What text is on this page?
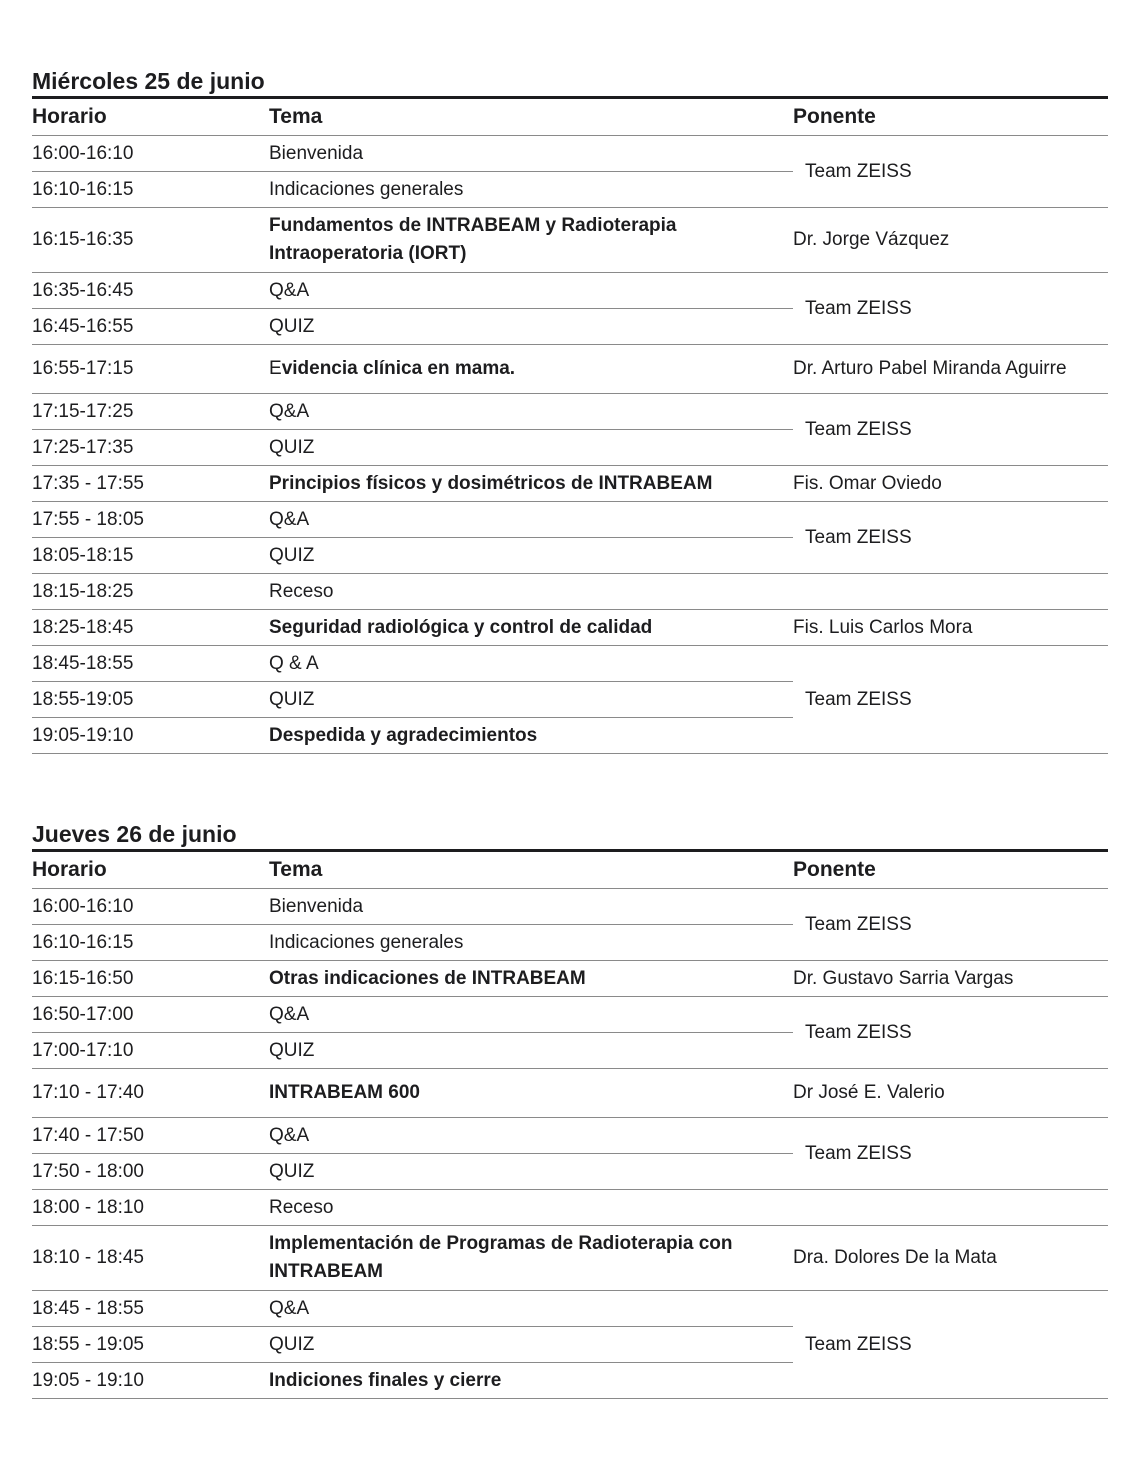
Miércoles 25 de junio
Horario	Tema	Ponente
16:00-16:10	Bienvenida	Team ZEISS
16:10-16:15	Indicaciones generales	
16:15-16:35	Fundamentos de INTRABEAM y Radioterapia Intraoperatoria (IORT)	Dr. Jorge Vázquez
16:35-16:45	Q&A	Team ZEISS
16:45-16:55	QUIZ	
16:55-17:15	Evidencia clínica en mama.	Dr. Arturo Pabel Miranda Aguirre
17:15-17:25	Q&A	Team ZEISS
17:25-17:35	QUIZ	
17:35 - 17:55	Principios físicos y dosimétricos de INTRABEAM	Fis. Omar Oviedo
17:55 - 18:05	Q&A	Team ZEISS
18:05-18:15	QUIZ	
18:15-18:25	Receso	
18:25-18:45	Seguridad radiológica y control de calidad	Fis. Luis Carlos Mora
18:45-18:55	Q & A	Team ZEISS
18:55-19:05	QUIZ	
19:05-19:10	Despedida y agradecimientos	
Jueves 26 de junio
Horario	Tema	Ponente
16:00-16:10	Bienvenida	Team ZEISS
16:10-16:15	Indicaciones generales	
16:15-16:50	Otras indicaciones de INTRABEAM	Dr. Gustavo Sarria Vargas
16:50-17:00	Q&A	Team ZEISS
17:00-17:10	QUIZ	
17:10 - 17:40	INTRABEAM 600	Dr José E. Valerio
17:40 - 17:50	Q&A	Team ZEISS
17:50 - 18:00	QUIZ	
18:00 - 18:10	Receso	
18:10 - 18:45	Implementación de Programas de Radioterapia con INTRABEAM	Dra. Dolores De la Mata
18:45 - 18:55	Q&A	Team ZEISS
18:55 - 19:05	QUIZ	
19:05 - 19:10	Indiciones finales y cierre	
